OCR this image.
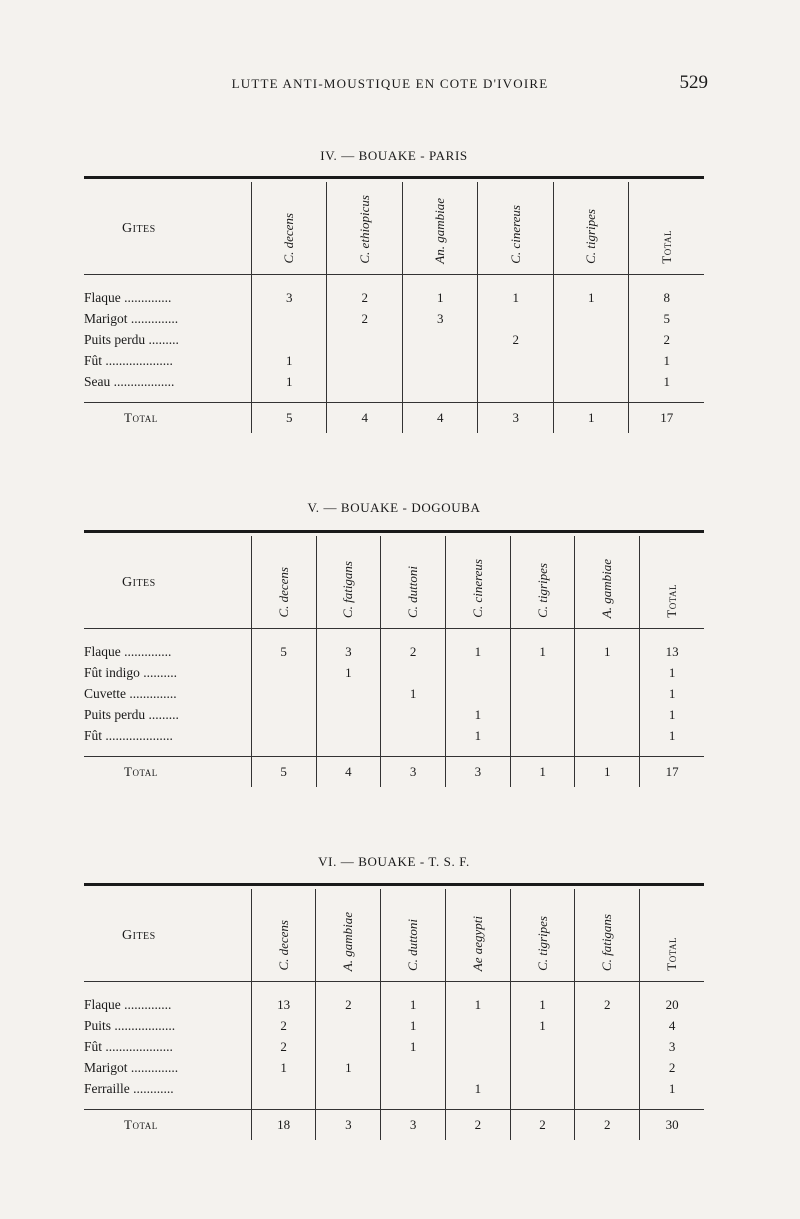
LUTTE ANTI-MOUSTIQUE EN COTE D'IVOIRE	529
IV. — BOUAKE - PARIS
Gites	C. decens	C. ethiopicus	An. gambiae	C. cinereus	C. tigripes	Total

Flaque ..............	3	2	1	1	1	8
Marigot ..............		2	3			5
Puits perdu .........				2		2
Fût ....................	1					1
Seau ..................	1					1
Total	5	4	4	3	1	17
V. — BOUAKE - DOGOUBA
Gites	C. decens	C. fatigans	C. duttoni	C. cinereus	C. tigripes	A. gambiae	Total

Flaque ..............	5	3	2	1	1	1	13
Fût indigo ..........		1					1
Cuvette ..............			1				1
Puits perdu .........				1			1
Fût ....................				1			1
Total	5	4	3	3	1	1	17
VI. — BOUAKE - T. S. F.
Gites	C. decens	A. gambiae	C. duttoni	Ae aegypti	C. tigripes	C. fatigans	Total

Flaque ..............	13	2	1	1	1	2	20
Puits ..................	2		1		1		4
Fût ....................	2		1				3
Marigot ..............	1	1					2
Ferraille ............				1			1
Total	18	3	3	2	2	2	30
